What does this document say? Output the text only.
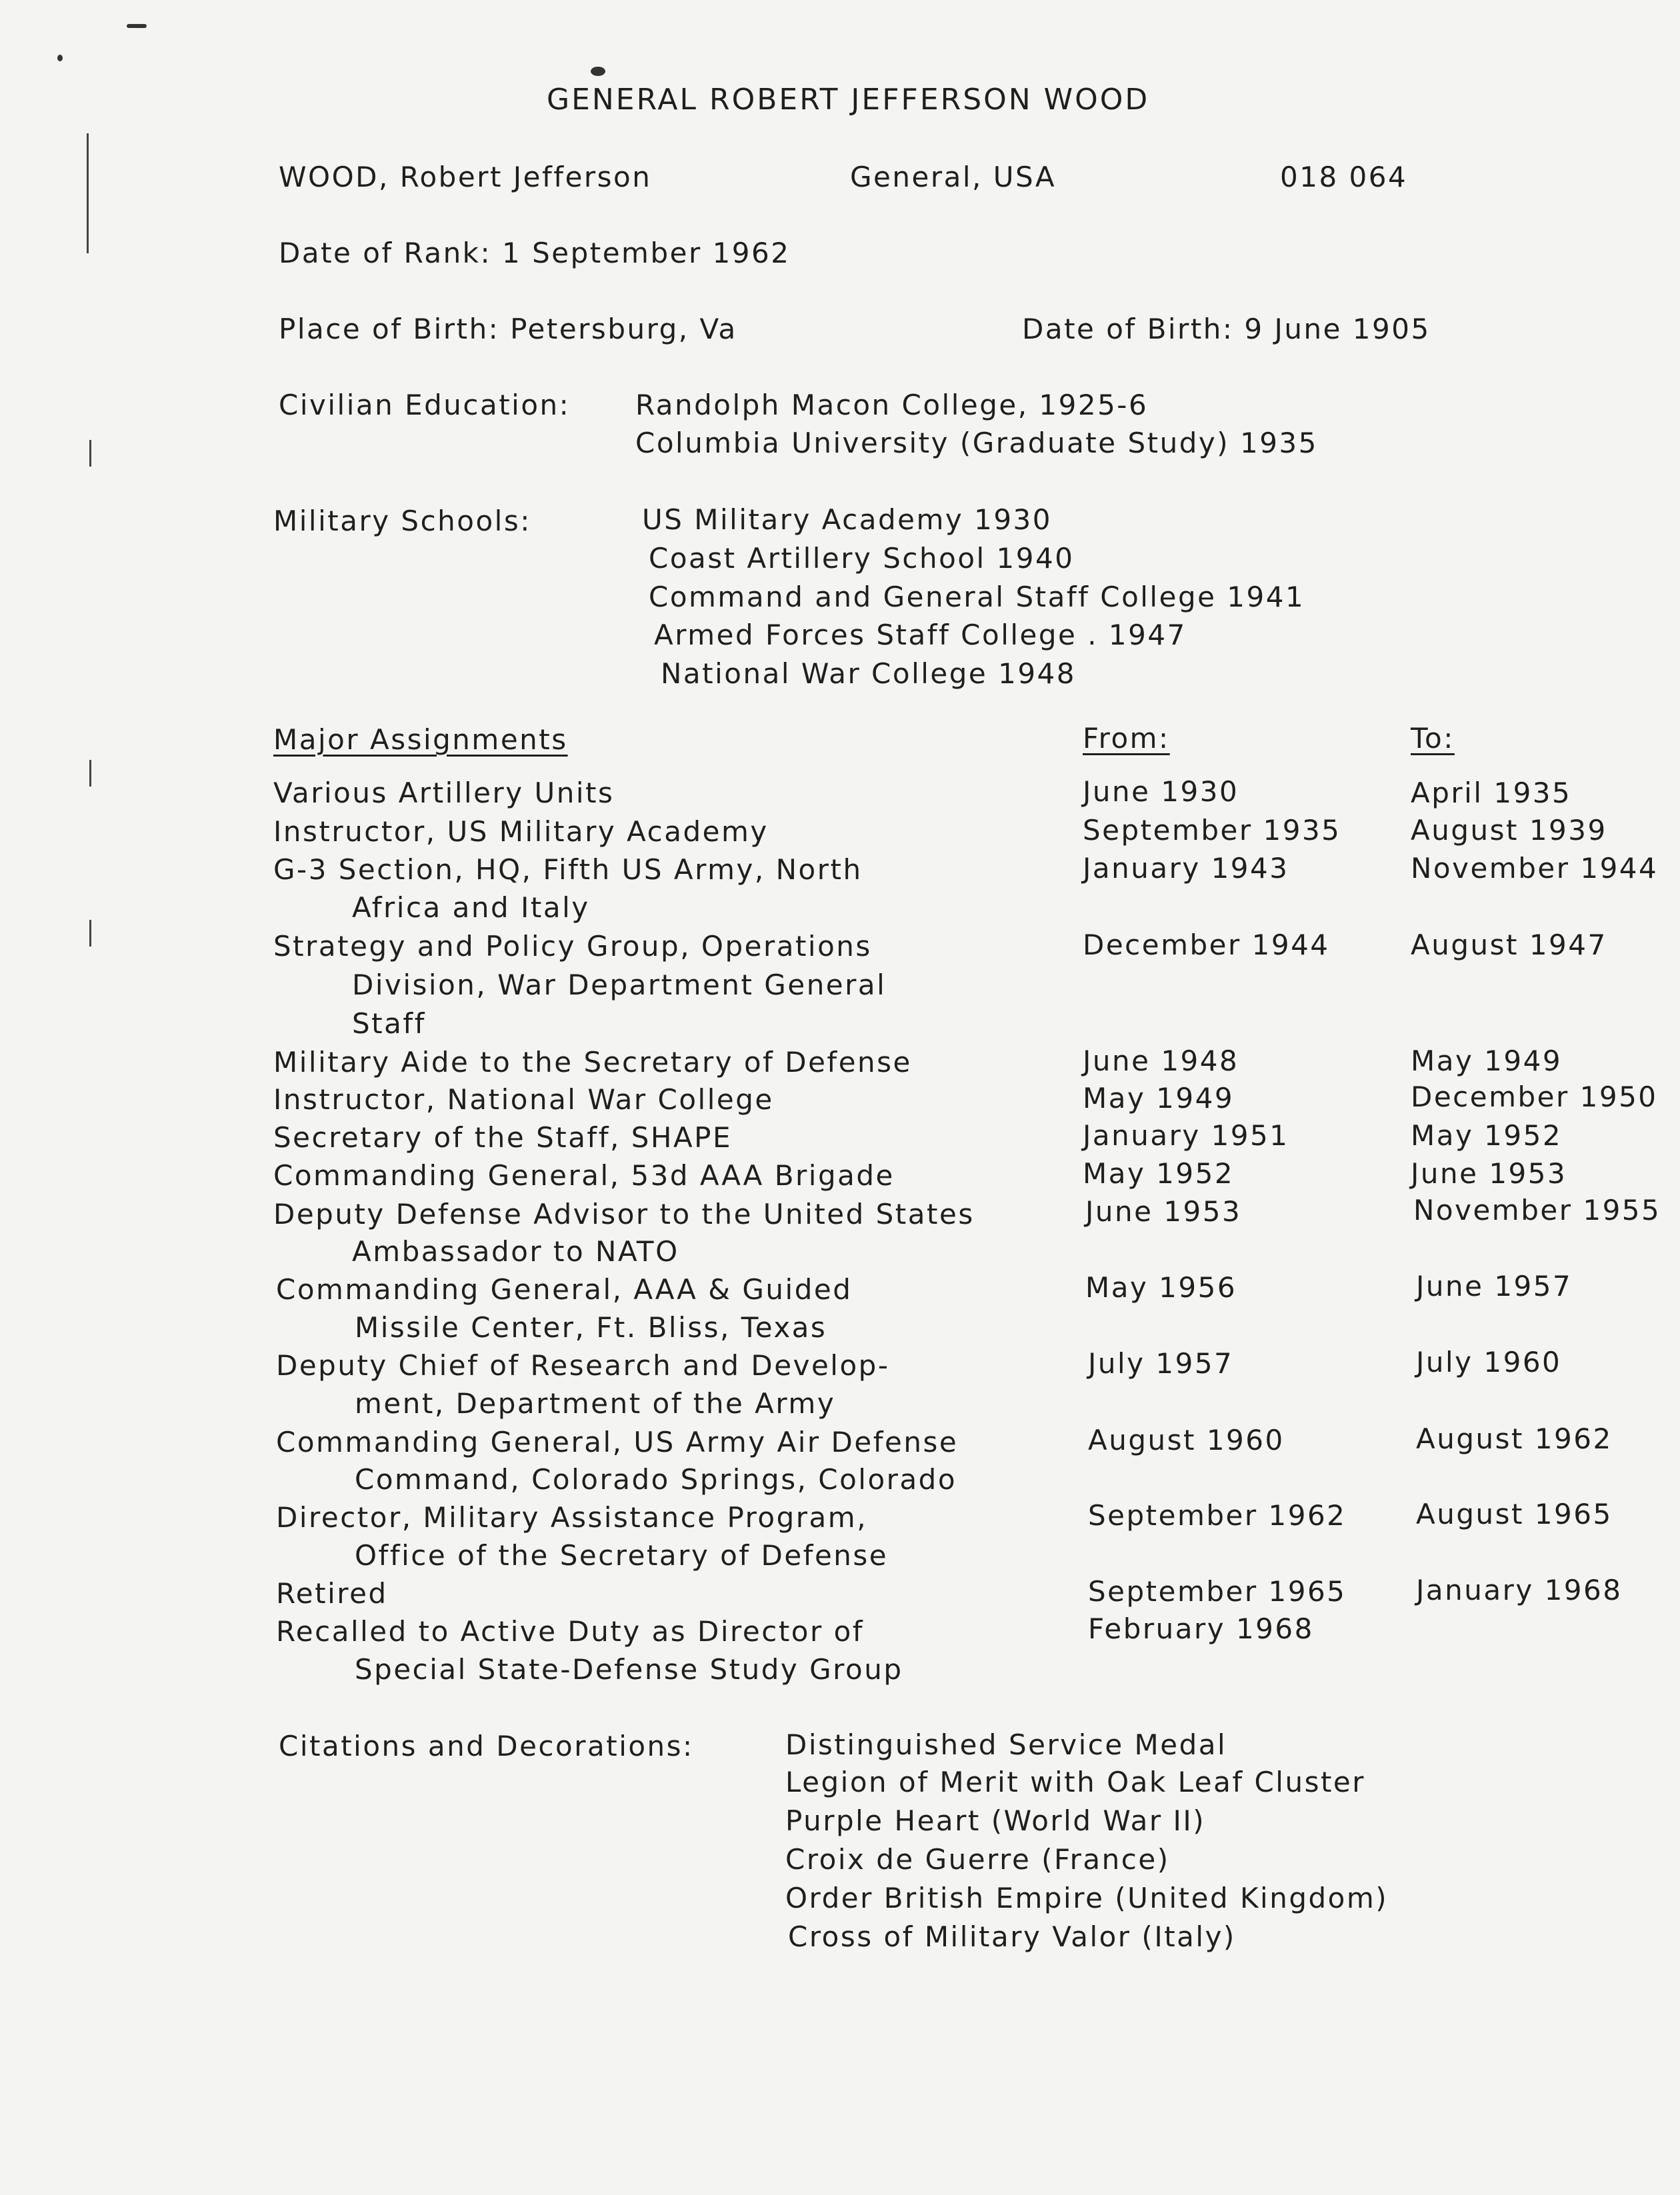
GENERAL ROBERT JEFFERSON WOOD
WOOD, Robert Jefferson	General, USA	018 064
Date of Rank: 1 September 1962
Place of Birth: Petersburg, Va	Date of Birth: 9 June 1905
Civilian Education: Randolph Macon College, 1925-6
Columbia University (Graduate Study) 1935
Military Schools:	US Military Academy 1930
Coast Artillery School 1940
Command and General Staff College 1941
Armed Forces Staff College . 1947
National War College 1948
Major Assignments	From:	To:
Various Artillery Units	June 1930	April 1935
Instructor, US Military Academy	September 1935 August 1939
G-3 Section, HQ, Fifth US Army, North
Africa and Italy
January 1943	November 1944
Strategy and Policy Group, Operations
Division, War Department General
Staff
December 1944	August 1947
Military Aide to the Secretary of Defense	June 1948	May 1949
Instructor, National War College	May 1949	December 1950
Secretary of the Staff, SHAPE	January 1951	May 1952
Commanding General, 53d AAA Brigade	May 1952	June 1953
Deputy Defense Advisor to the United States
Ambassador to NATO
June 1953	November 1955
Commanding General, AAA & Guided
Missile Center, Ft. Bliss, Texas
May 1956	June 1957
Deputy Chief of Research and Develop-
ment, Department of the Army
July 1957	July 1960
Commanding General, US Army Air Defense
Command, Colorado Springs, Colorado
August 1960	August 1962
Director, Military Assistance Program,
Office of the Secretary of Defense
September 1962 August 1965
Retired	September 1965 January 1968
Recalled to Active Duty as Director of
Special State-Defense Study Group
February 1968
Citations and Decorations:	Distinguished Service Medal
Legion of Merit with Oak Leaf Cluster
Purple Heart (World War II)
Croix de Guerre (France)
Order British Empire (United Kingdom)
Cross of Military Valor (Italy)
